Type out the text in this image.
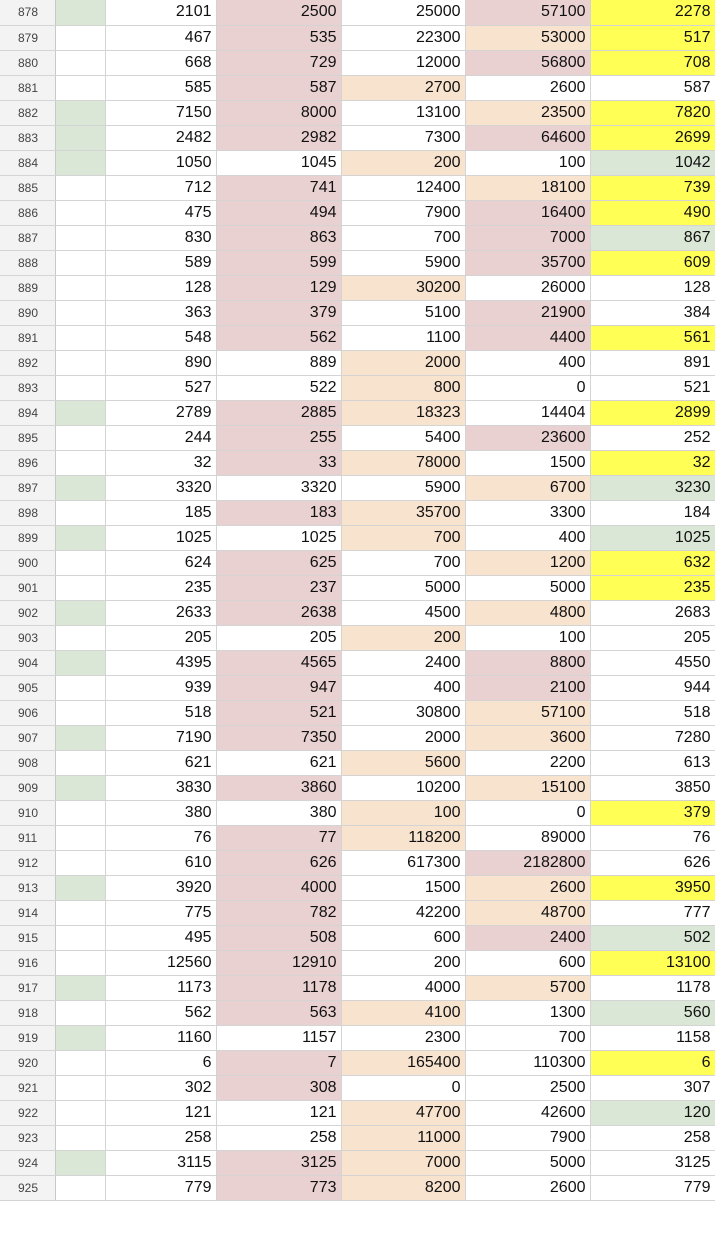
878		2101	2500	25000	57100	2278
879		467	535	22300	53000	517
880		668	729	12000	56800	708
881		585	587	2700	2600	587
882		7150	8000	13100	23500	7820
883		2482	2982	7300	64600	2699
884		1050	1045	200	100	1042
885		712	741	12400	18100	739
886		475	494	7900	16400	490
887		830	863	700	7000	867
888		589	599	5900	35700	609
889		128	129	30200	26000	128
890		363	379	5100	21900	384
891		548	562	1100	4400	561
892		890	889	2000	400	891
893		527	522	800	0	521
894		2789	2885	18323	14404	2899
895		244	255	5400	23600	252
896		32	33	78000	1500	32
897		3320	3320	5900	6700	3230
898		185	183	35700	3300	184
899		1025	1025	700	400	1025
900		624	625	700	1200	632
901		235	237	5000	5000	235
902		2633	2638	4500	4800	2683
903		205	205	200	100	205
904		4395	4565	2400	8800	4550
905		939	947	400	2100	944
906		518	521	30800	57100	518
907		7190	7350	2000	3600	7280
908		621	621	5600	2200	613
909		3830	3860	10200	15100	3850
910		380	380	100	0	379
911		76	77	118200	89000	76
912		610	626	617300	2182800	626
913		3920	4000	1500	2600	3950
914		775	782	42200	48700	777
915		495	508	600	2400	502
916		12560	12910	200	600	13100
917		1173	1178	4000	5700	1178
918		562	563	4100	1300	560
919		1160	1157	2300	700	1158
920		6	7	165400	110300	6
921		302	308	0	2500	307
922		121	121	47700	42600	120
923		258	258	11000	7900	258
924		3115	3125	7000	5000	3125
925		779	773	8200	2600	779
